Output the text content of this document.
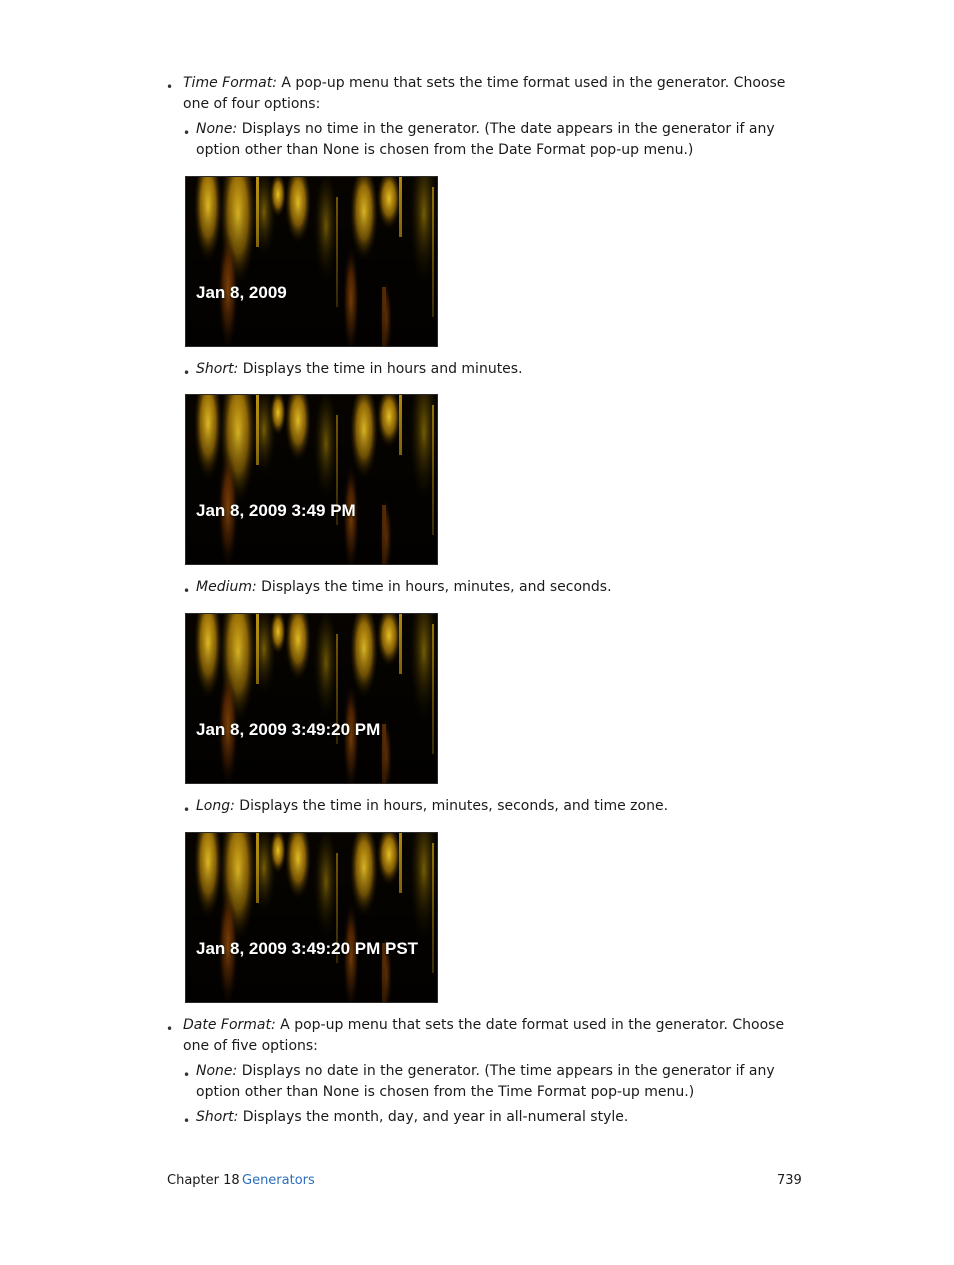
• Time Format: A pop-up menu that sets the time format used in the generator. Choose one of four options:
• None: Displays no time in the generator. (The date appears in the generator if any option other than None is chosen from the Date Format pop-up menu.)
Jan 8, 2009
• Short: Displays the time in hours and minutes.
Jan 8, 2009 3:49 PM
• Medium: Displays the time in hours, minutes, and seconds.
Jan 8, 2009 3:49:20 PM
• Long: Displays the time in hours, minutes, seconds, and time zone.
Jan 8, 2009 3:49:20 PM PST
• Date Format: A pop-up menu that sets the date format used in the generator. Choose one of five options:
• None: Displays no date in the generator. (The time appears in the generator if any option other than None is chosen from the Time Format pop-up menu.)
• Short: Displays the month, day, and year in all-numeral style.
Chapter 18 Generators	739
